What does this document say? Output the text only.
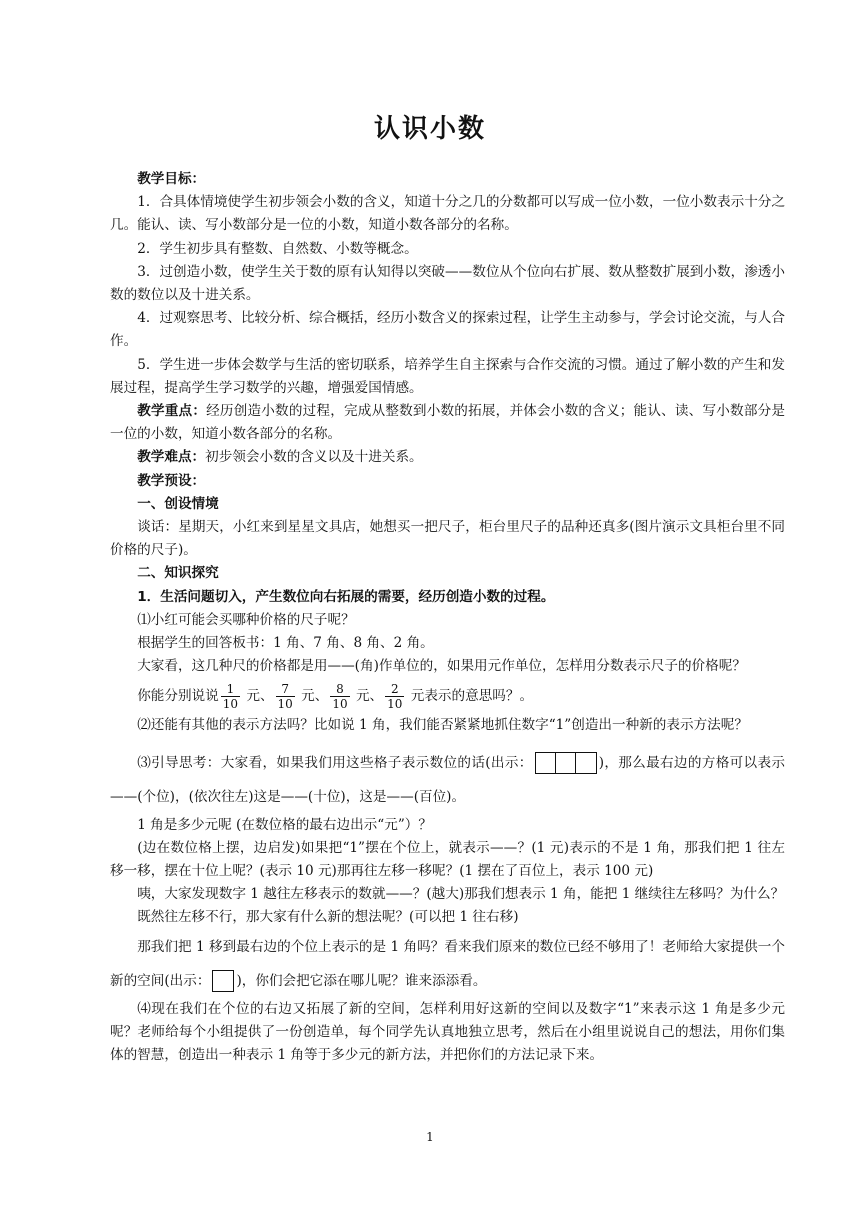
认识小数

教学目标：

1．合具体情境使学生初步领会小数的含义，知道十分之几的分数都可以写成一位小数，一位小数表示十分之几。能认、读、写小数部分是一位的小数，知道小数各部分的名称。

2．学生初步具有整数、自然数、小数等概念。

3．过创造小数，使学生关于数的原有认知得以突破——数位从个位向右扩展、数从整数扩展到小数，渗透小数的数位以及十进关系。

4．过观察思考、比较分析、综合概括，经历小数含义的探索过程，让学生主动参与，学会讨论交流，与人合作。

5．学生进一步体会数学与生活的密切联系，培养学生自主探索与合作交流的习惯。通过了解小数的产生和发展过程，提高学生学习数学的兴趣，增强爱国情感。

教学重点：经历创造小数的过程，完成从整数到小数的拓展，并体会小数的含义；能认、读、写小数部分是一位的小数，知道小数各部分的名称。

教学难点：初步领会小数的含义以及十进关系。

教学预设：

一、创设情境

谈话：星期天，小红来到星星文具店，她想买一把尺子，柜台里尺子的品种还真多(图片演示文具柜台里不同价格的尺子)。

二、知识探究

1．生活问题切入，产生数位向右拓展的需要，经历创造小数的过程。

⑴小红可能会买哪种价格的尺子呢？

根据学生的回答板书：1 角、7 角、8 角、2 角。

大家看，这几种尺的价格都是用——(角)作单位的，如果用元作单位，怎样用分数表示尺子的价格呢？

你能分别说说 $\frac{1}{10}$ 元、 $\frac{7}{10}$ 元、 $\frac{8}{10}$ 元、 $\frac{2}{10}$ 元表示的意思吗？。

⑵还能有其他的表示方法吗？比如说 1 角，我们能否紧紧地抓住数字“1”创造出一种新的表示方法呢？

⑶引导思考：大家看，如果我们用这些格子表示数位的话(出示：	)，那么最右边的方格可以表示——(个位)，(依次往左)这是——(十位)，这是——(百位)。

1 角是多少元呢 (在数位格的最右边出示“元”）？

(边在数位格上摆，边启发)如果把“1”摆在个位上，就表示——？(1 元)表示的不是 1 角，那我们把 1 往左移一移，摆在十位上呢？(表示 10 元)那再往左移一移呢？(1 摆在了百位上，表示 100 元)

咦，大家发现数字 1 越往左移表示的数就——？(越大)那我们想表示 1 角，能把 1 继续往左移吗？为什么？

既然往左移不行，那大家有什么新的想法呢？(可以把 1 往右移)

那我们把 1 移到最右边的个位上表示的是 1 角吗？看来我们原来的数位已经不够用了！老师给大家提供一个新的空间(出示： )，你们会把它添在哪儿呢？谁来添添看。

⑷现在我们在个位的右边又拓展了新的空间，怎样利用好这新的空间以及数字“1”来表示这 1 角是多少元呢？老师给每个小组提供了一份创造单，每个同学先认真地独立思考，然后在小组里说说自己的想法，用你们集体的智慧，创造出一种表示 1 角等于多少元的新方法，并把你们的方法记录下来。

1
